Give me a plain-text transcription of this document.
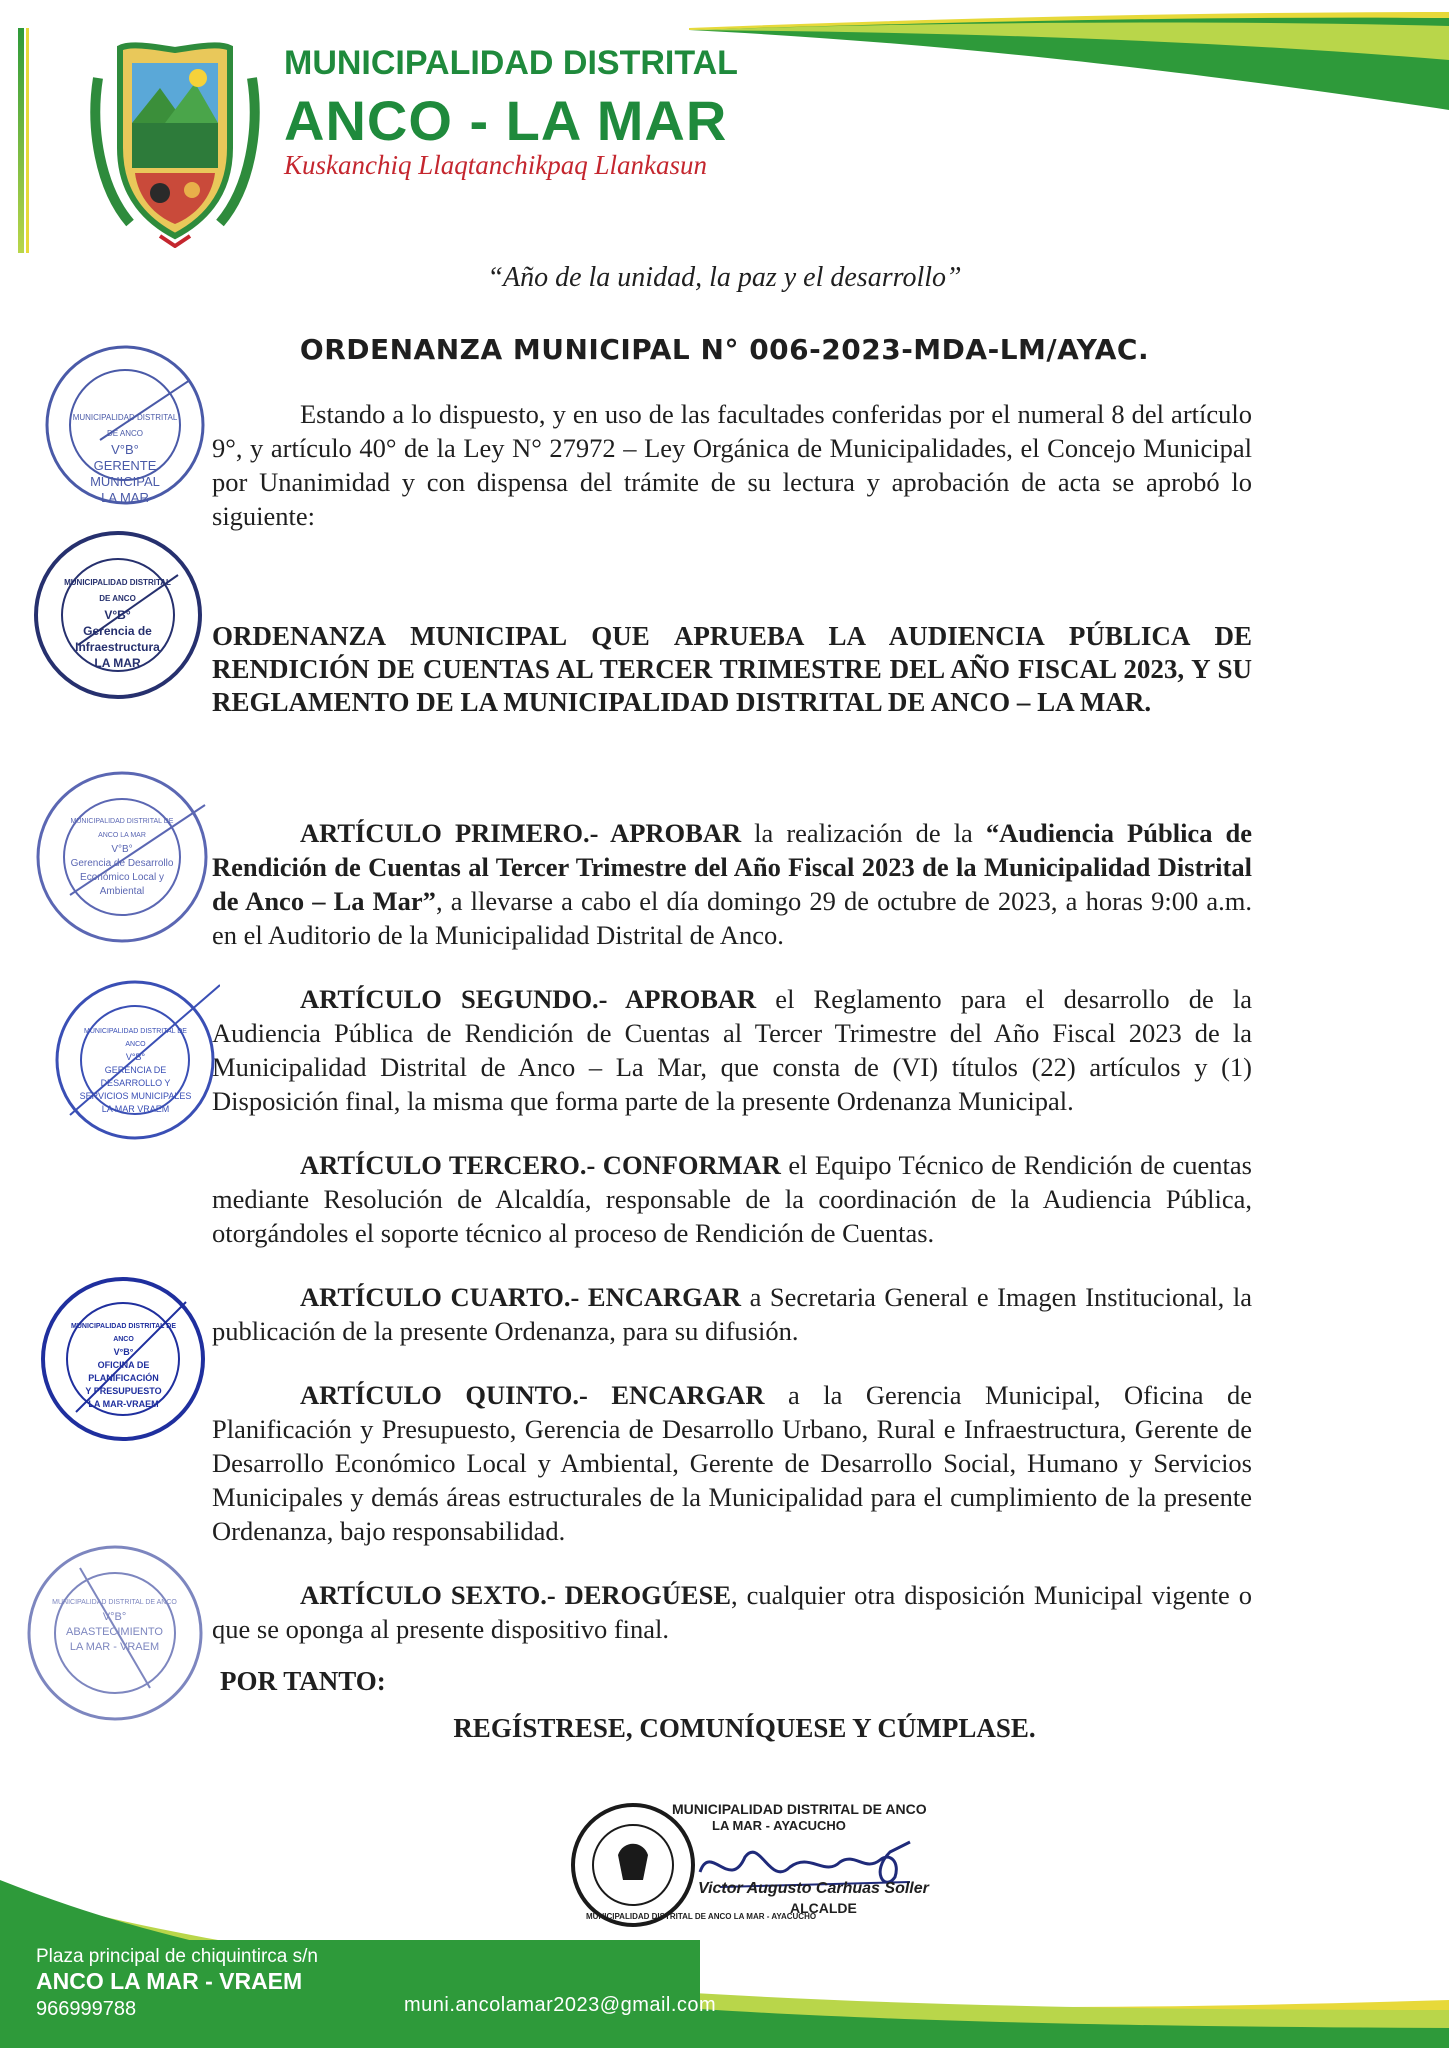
MUNICIPALIDAD DISTRITAL
ANCO - LA MAR
Kuskanchiq Llaqtanchikpaq Llankasun
“Año de la unidad, la paz y el desarrollo”
ORDENANZA MUNICIPAL N° 006-2023-MDA-LM/AYAC.
Estando a lo dispuesto, y en uso de las facultades conferidas por el numeral 8 del artículo 9°, y artículo 40° de la Ley N° 27972 – Ley Orgánica de Municipalidades, el Concejo Municipal por Unanimidad y con dispensa del trámite de su lectura y aprobación de acta se aprobó lo siguiente:
ORDENANZA MUNICIPAL QUE APRUEBA LA AUDIENCIA PÚBLICA DE RENDICIÓN DE CUENTAS AL TERCER TRIMESTRE DEL AÑO FISCAL 2023, Y SU REGLAMENTO DE LA MUNICIPALIDAD DISTRITAL DE ANCO – LA MAR.
ARTÍCULO PRIMERO.- APROBAR la realización de la “Audiencia Pública de Rendición de Cuentas al Tercer Trimestre del Año Fiscal 2023 de la Municipalidad Distrital de Anco – La Mar”, a llevarse a cabo el día domingo 29 de octubre de 2023, a horas 9:00 a.m. en el Auditorio de la Municipalidad Distrital de Anco.
ARTÍCULO SEGUNDO.- APROBAR el Reglamento para el desarrollo de la Audiencia Pública de Rendición de Cuentas al Tercer Trimestre del Año Fiscal 2023 de la Municipalidad Distrital de Anco – La Mar, que consta de (VI) títulos (22) artículos y (1) Disposición final, la misma que forma parte de la presente Ordenanza Municipal.
ARTÍCULO TERCERO.- CONFORMAR el Equipo Técnico de Rendición de cuentas mediante Resolución de Alcaldía, responsable de la coordinación de la Audiencia Pública, otorgándoles el soporte técnico al proceso de Rendición de Cuentas.
ARTÍCULO CUARTO.- ENCARGAR a Secretaria General e Imagen Institucional, la publicación de la presente Ordenanza, para su difusión.
ARTÍCULO QUINTO.- ENCARGAR a la Gerencia Municipal, Oficina de Planificación y Presupuesto, Gerencia de Desarrollo Urbano, Rural e Infraestructura, Gerente de Desarrollo Económico Local y Ambiental, Gerente de Desarrollo Social, Humano y Servicios Municipales y demás áreas estructurales de la Municipalidad para el cumplimiento de la presente Ordenanza, bajo responsabilidad.
ARTÍCULO SEXTO.- DEROGÚESE, cualquier otra disposición Municipal vigente o que se oponga al presente dispositivo final.
POR TANTO:
REGÍSTRESE, COMUNÍQUESE Y CÚMPLASE.
MUNICIPALIDAD DISTRITAL DE ANCO
V°B°
GERENTE
MUNICIPAL
LA MAR
MUNICIPALIDAD DISTRITAL DE ANCO
V°B°
Gerencia de
Infraestructura
LA MAR
MUNICIPALIDAD DISTRITAL DE ANCO LA MAR
V°B°
Gerencia de Desarrollo
Económico Local y Ambiental
MUNICIPALIDAD DISTRITAL DE ANCO
V°B°
GERENCIA DE DESARROLLO Y
SERVICIOS MUNICIPALES
LA MAR VRAEM
MUNICIPALIDAD DISTRITAL DE ANCO
V°B°
OFICINA DE PLANIFICACIÓN
Y PRESUPUESTO
LA MAR-VRAEM
MUNICIPALIDAD DISTRITAL DE ANCO
V°B°
ABASTECIMIENTO
LA MAR - VRAEM
MUNICIPALIDAD DISTRITAL DE ANCO LA MAR - AYACUCHO
MUNICIPALIDAD DISTRITAL DE ANCO
LA MAR - AYACUCHO
Victor Augusto Carhuas Soller
ALCALDE
Plaza principal de chiquintirca s/n
ANCO LA MAR - VRAEM
966999788	muni.ancolamar2023@gmail.com
